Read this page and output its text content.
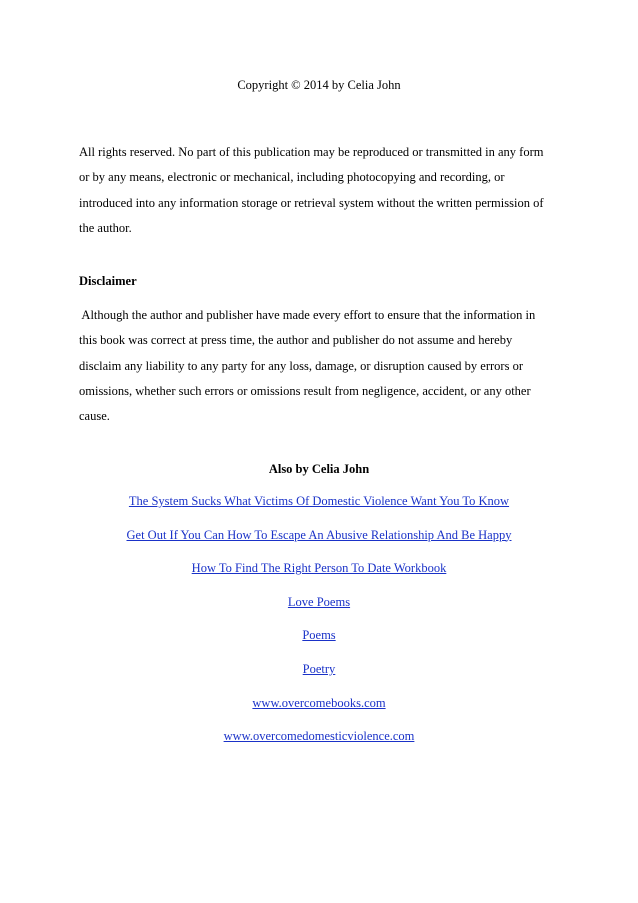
Copyright © 2014 by Celia John
All rights reserved. No part of this publication may be reproduced or transmitted in any form
or by any means, electronic or mechanical, including photocopying and recording, or
introduced into any information storage or retrieval system without the written permission of
the author.
Disclaimer
Although the author and publisher have made every effort to ensure that the information in
this book was correct at press time, the author and publisher do not assume and hereby
disclaim any liability to any party for any loss, damage, or disruption caused by errors or
omissions, whether such errors or omissions result from negligence, accident, or any other
cause.
Also by Celia John
The System Sucks What Victims Of Domestic Violence Want You To Know
Get Out If You Can How To Escape An Abusive Relationship And Be Happy
How To Find The Right Person To Date Workbook
Love Poems
Poems
Poetry
www.overcomebooks.com
www.overcomedomesticviolence.com
